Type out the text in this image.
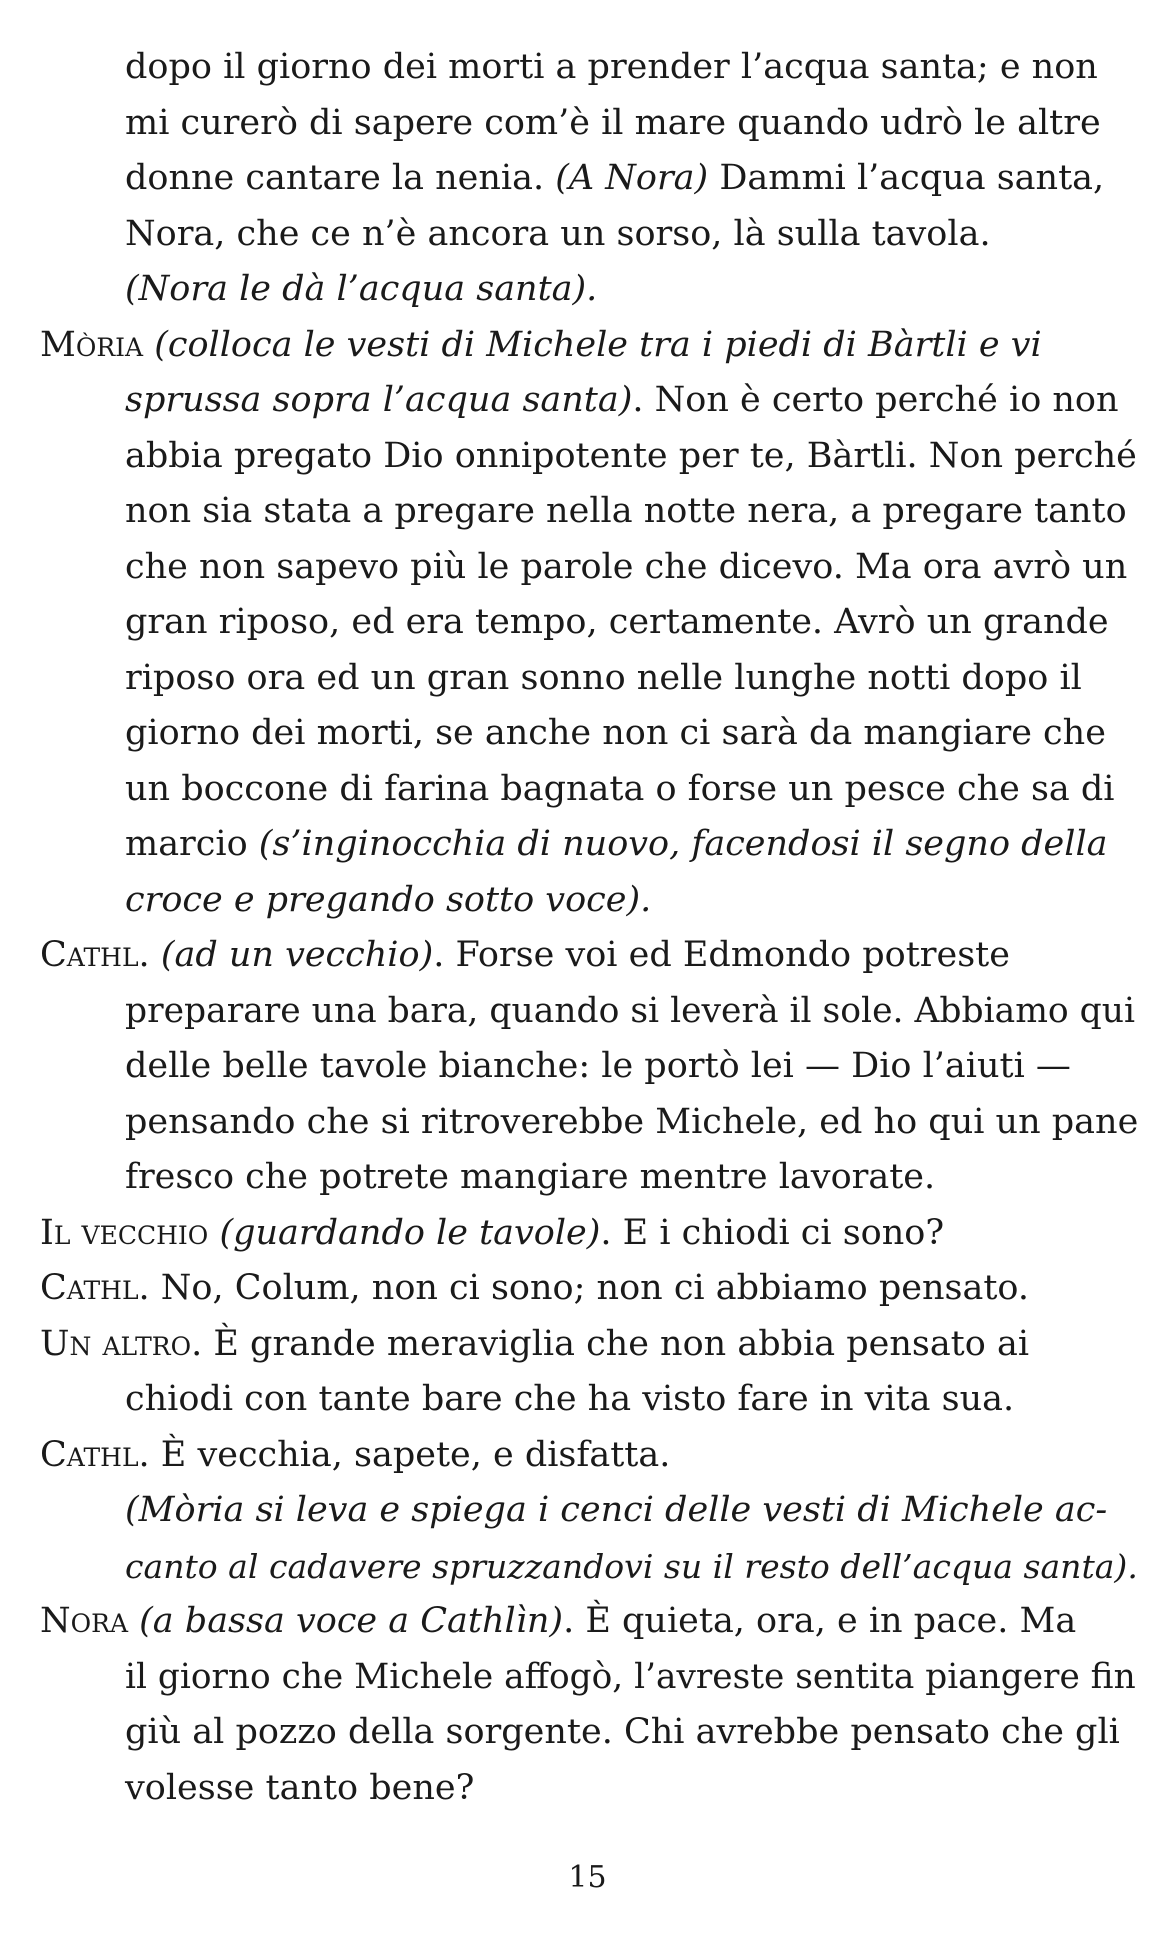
dopo il giorno dei morti a prender l’acqua santa; e non
mi curerò di sapere com’è il mare quando udrò le altre
donne cantare la nenia. (A Nora) Dammi l’acqua santa,
Nora, che ce n’è ancora un sorso, là sulla tavola.
(Nora le dà l’acqua santa).
Mòria (colloca le vesti di Michele tra i piedi di Bàrtli e vi
sprussa sopra l’acqua santa). Non è certo perché io non
abbia pregato Dio onnipotente per te, Bàrtli. Non perché
non sia stata a pregare nella notte nera, a pregare tanto
che non sapevo più le parole che dicevo. Ma ora avrò un
gran riposo, ed era tempo, certamente. Avrò un grande
riposo ora ed un gran sonno nelle lunghe notti dopo il
giorno dei morti, se anche non ci sarà da mangiare che
un boccone di farina bagnata o forse un pesce che sa di
marcio (s’inginocchia di nuovo, facendosi il segno della
croce e pregando sotto voce).
Cathl. (ad un vecchio). Forse voi ed Edmondo potreste
preparare una bara, quando si leverà il sole. Abbiamo qui
delle belle tavole bianche: le portò lei — Dio l’aiuti —
pensando che si ritroverebbe Michele, ed ho qui un pane
fresco che potrete mangiare mentre lavorate.
Il vecchio (guardando le tavole). E i chiodi ci sono?
Cathl. No, Colum, non ci sono; non ci abbiamo pensato.
Un altro. È grande meraviglia che non abbia pensato ai
chiodi con tante bare che ha visto fare in vita sua.
Cathl. È vecchia, sapete, e disfatta.
(Mòria si leva e spiega i cenci delle vesti di Michele ac-
canto al cadavere spruzzandovi su il resto dell’acqua santa).
Nora (a bassa voce a Cathlìn). È quieta, ora, e in pace. Ma
il giorno che Michele affogò, l’avreste sentita piangere fin
giù al pozzo della sorgente. Chi avrebbe pensato che gli
volesse tanto bene?
15
